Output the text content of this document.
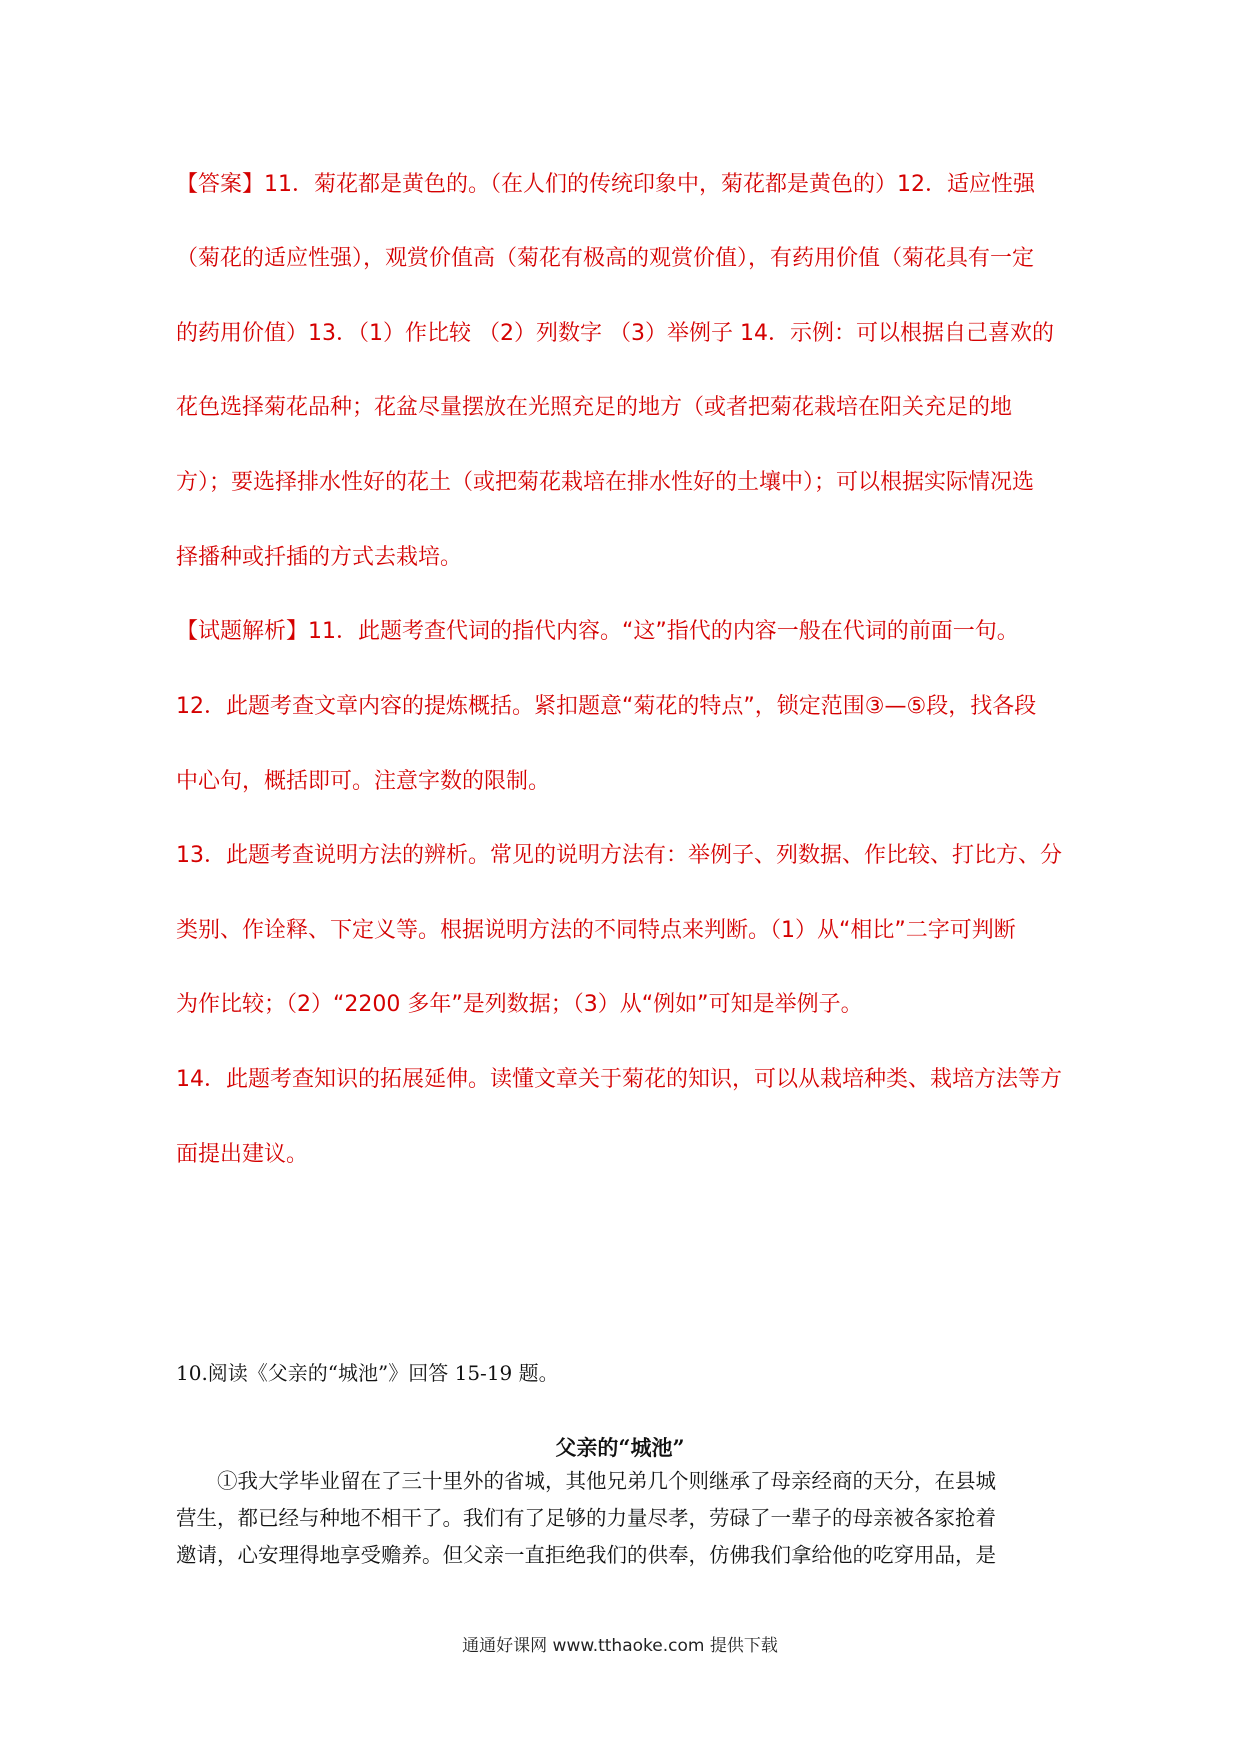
【答案】11．菊花都是黄色的。（在人们的传统印象中，菊花都是黄色的）12．适应性强
（菊花的适应性强），观赏价值高（菊花有极高的观赏价值），有药用价值（菊花具有一定
的药用价值）13．（1）作比较 （2）列数字 （3）举例子 14．示例：可以根据自己喜欢的
花色选择菊花品种；花盆尽量摆放在光照充足的地方（或者把菊花栽培在阳关充足的地
方）；要选择排水性好的花土（或把菊花栽培在排水性好的土壤中）；可以根据实际情况选
择播种或扦插的方式去栽培。
【试题解析】11．此题考查代词的指代内容。“这”指代的内容一般在代词的前面一句。
12．此题考查文章内容的提炼概括。紧扣题意“菊花的特点”，锁定范围③—⑤段，找各段
中心句，概括即可。注意字数的限制。
13．此题考查说明方法的辨析。常见的说明方法有：举例子、列数据、作比较、打比方、分
类别、作诠释、下定义等。根据说明方法的不同特点来判断。（1）从“相比”二字可判断
为作比较；（2）“2200 多年”是列数据；（3）从“例如”可知是举例子。
14．此题考查知识的拓展延伸。读懂文章关于菊花的知识，可以从栽培种类、栽培方法等方
面提出建议。
10.阅读《父亲的“城池”》回答 15-19 题。
父亲的“城池”
　　①我大学毕业留在了三十里外的省城，其他兄弟几个则继承了母亲经商的天分，在县城
营生，都已经与种地不相干了。我们有了足够的力量尽孝，劳碌了一辈子的母亲被各家抢着
邀请，心安理得地享受赡养。但父亲一直拒绝我们的供奉，仿佛我们拿给他的吃穿用品，是
通通好课网 www.tthaoke.com 提供下载
